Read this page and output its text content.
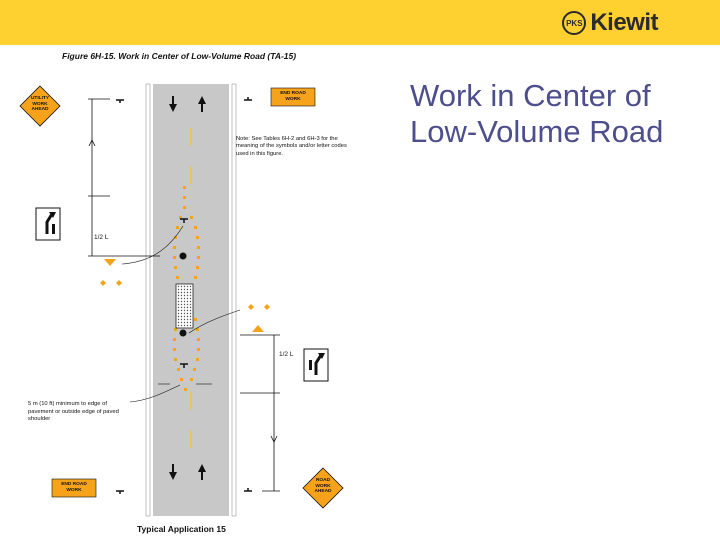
PKS Kiewit
Work in Center of Low-Volume Road
Figure 6H-15. Work in Center of Low-Volume Road (TA-15)
UTILITY WORK AHEAD
END ROAD WORK
END ROAD WORK
ROAD WORK AHEAD
Note: See Tables 6H-2 and 6H-3 for the meaning of the symbols and/or letter codes used in this figure.
1/2 L
1/2 L
5 m (10 ft) minimum to edge of pavement or outside edge of paved shoulder
Typical Application 15
